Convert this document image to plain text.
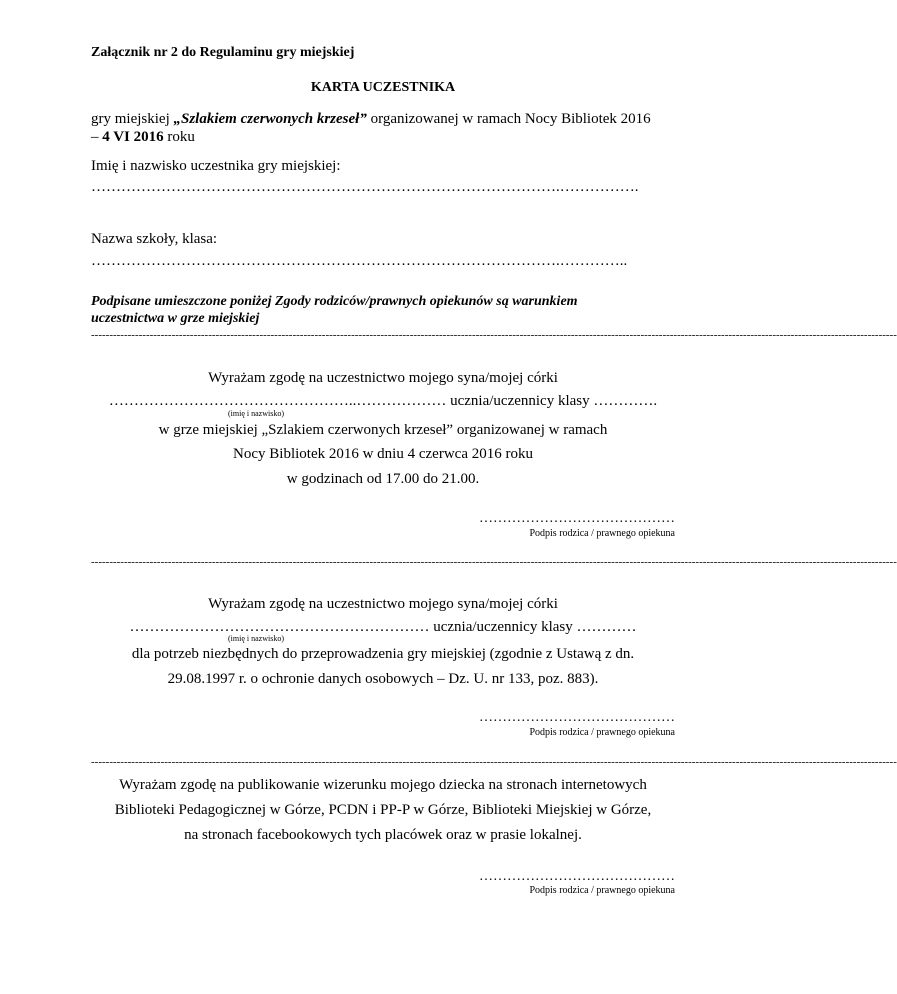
Załącznik nr 2 do Regulaminu gry miejskiej
KARTA UCZESTNIKA
gry miejskiej „Szlakiem czerwonych krzeseł” organizowanej w ramach Nocy Bibliotek 2016
– 4 VI 2016 roku
Imię i nazwisko uczestnika gry miejskiej:
………………………………………………………………………………….…………….
Nazwa szkoły, klasa:
………………………………………………………………………………….…………..
Podpisane umieszczone poniżej Zgody rodziców/prawnych opiekunów są warunkiem
uczestnictwa w grze miejskiej
----------------------------------------------------------------------------------------------------------------------------------------------------------------------------------------------------------------------------
Wyrażam zgodę na uczestnictwo mojego syna/mojej córki
…………………………………………..……………… ucznia/uczennicy klasy ………….
(imię i nazwisko)
w grze miejskiej „Szlakiem czerwonych krzeseł” organizowanej w ramach
Nocy Bibliotek 2016 w dniu 4 czerwca 2016 roku
w godzinach od 17.00 do 21.00.
……………………………………
Podpis rodzica / prawnego opiekuna
----------------------------------------------------------------------------------------------------------------------------------------------------------------------------------------------------------------------------
Wyrażam zgodę na uczestnictwo mojego syna/mojej córki
…………………………………………………… ucznia/uczennicy klasy …………
(imię i nazwisko)
dla potrzeb niezbędnych do przeprowadzenia gry miejskiej (zgodnie z Ustawą z dn.
29.08.1997 r. o ochronie danych osobowych – Dz. U. nr 133, poz. 883).
……………………………………
Podpis rodzica / prawnego opiekuna
----------------------------------------------------------------------------------------------------------------------------------------------------------------------------------------------------------------------------
Wyrażam zgodę na publikowanie wizerunku mojego dziecka na stronach internetowych
Biblioteki Pedagogicznej w Górze, PCDN i PP-P w Górze, Biblioteki Miejskiej w Górze,
na stronach facebookowych tych placówek oraz w prasie lokalnej.
……………………………………
Podpis rodzica / prawnego opiekuna
